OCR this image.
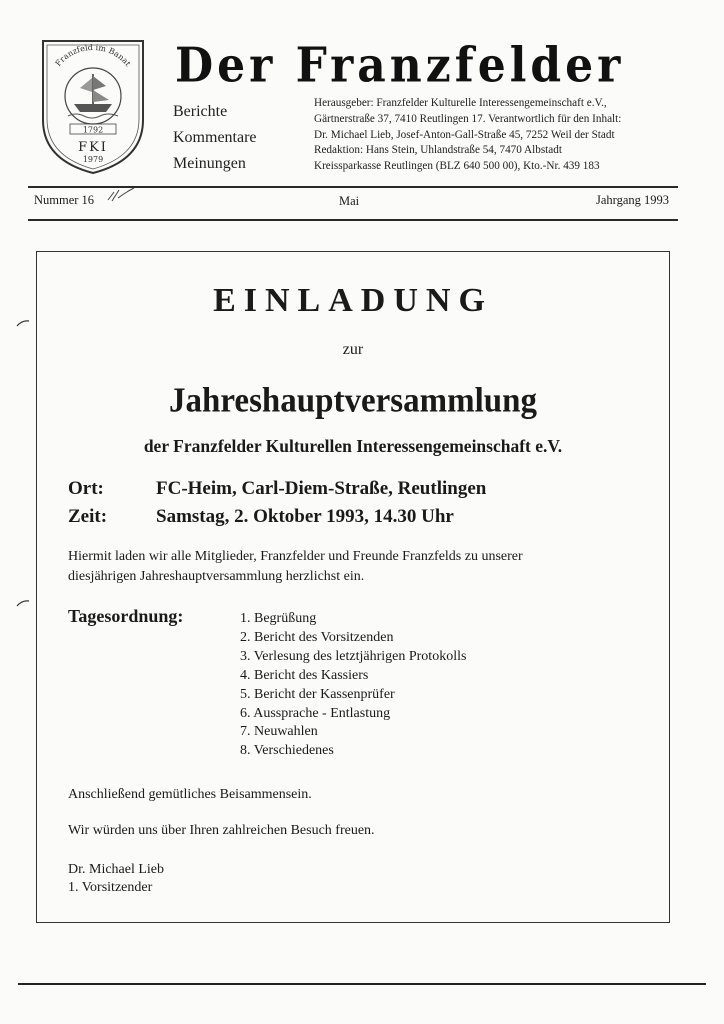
Franzfeld im Banat
1792
FKI
1979
Der Franzfelder
Berichte
Kommentare
Meinungen
Herausgeber: Franzfelder Kulturelle Interessengemeinschaft e.V.,
Gärtnerstraße 37, 7410 Reutlingen 17. Verantwortlich für den Inhalt:
Dr. Michael Lieb, Josef-Anton-Gall-Straße 45, 7252 Weil der Stadt
Redaktion: Hans Stein, Uhlandstraße 54, 7470 Albstadt
Kreissparkasse Reutlingen (BLZ 640 500 00), Kto.-Nr. 439 183
Nummer 16	Mai	Jahrgang 1993
EINLADUNG
zur
Jahreshauptversammlung
der Franzfelder Kulturellen Interessengemeinschaft e.V.
Ort:	FC-Heim, Carl-Diem-Straße, Reutlingen
Zeit:	Samstag, 2. Oktober 1993, 14.30 Uhr
Hiermit laden wir alle Mitglieder, Franzfelder und Freunde Franzfelds zu unserer
diesjährigen Jahreshauptversammlung herzlichst ein.
Tagesordnung:	1. Begrüßung
2. Bericht des Vorsitzenden
3. Verlesung des letztjährigen Protokolls
4. Bericht des Kassiers
5. Bericht der Kassenprüfer
6. Aussprache - Entlastung
7. Neuwahlen
8. Verschiedenes
Anschließend gemütliches Beisammensein.
Wir würden uns über Ihren zahlreichen Besuch freuen.
Dr. Michael Lieb
1. Vorsitzender
